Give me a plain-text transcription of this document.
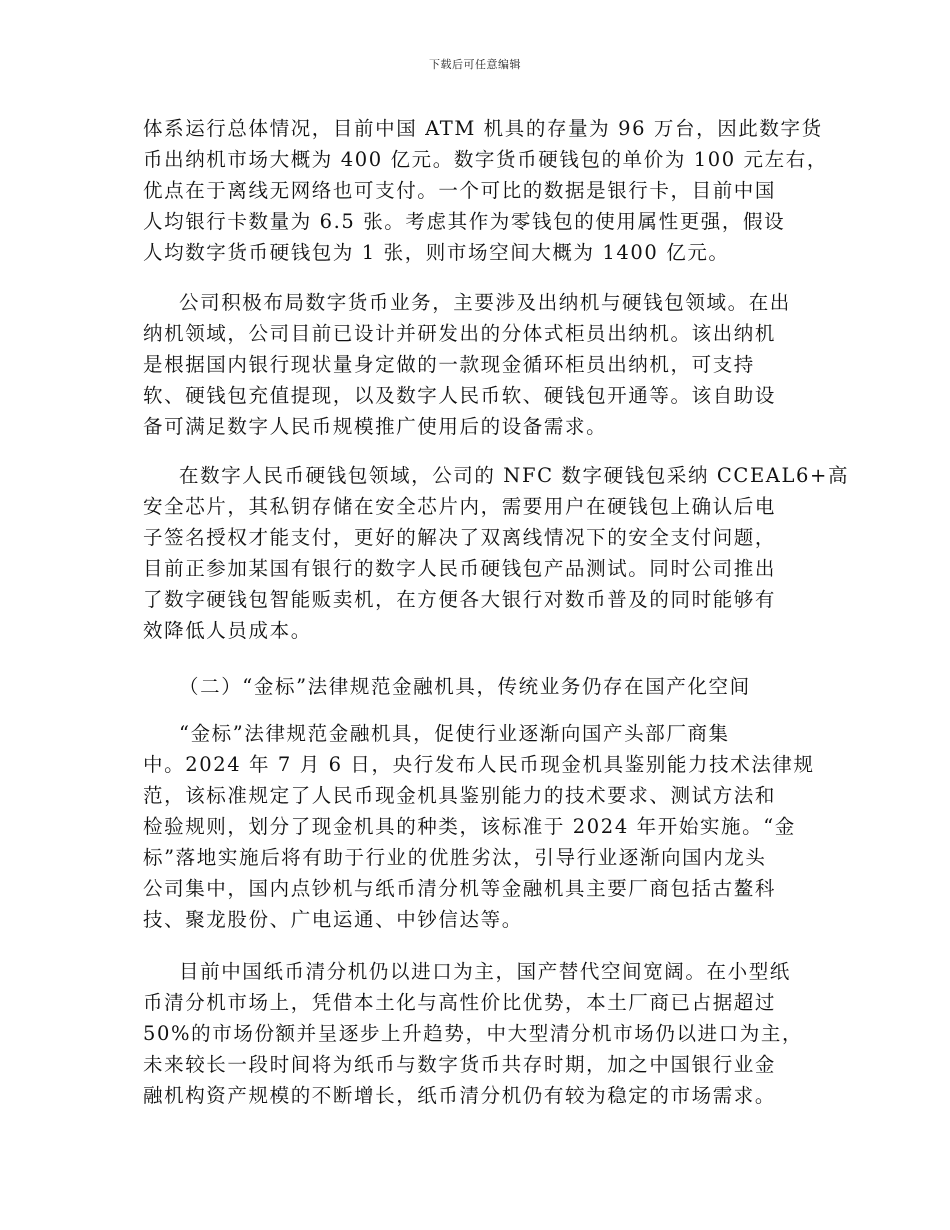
下载后可任意编辑
体系运行总体情况，目前中国 ATM 机具的存量为 96 万台，因此数字货
币出纳机市场大概为 400 亿元。数字货币硬钱包的单价为 100 元左右，
优点在于离线无网络也可支付。一个可比的数据是银行卡，目前中国
人均银行卡数量为 6.5 张。考虑其作为零钱包的使用属性更强，假设
人均数字货币硬钱包为 1 张，则市场空间大概为 1400 亿元。
公司积极布局数字货币业务，主要涉及出纳机与硬钱包领域。在出
纳机领域，公司目前已设计并研发出的分体式柜员出纳机。该出纳机
是根据国内银行现状量身定做的一款现金循环柜员出纳机，可支持
软、硬钱包充值提现，以及数字人民币软、硬钱包开通等。该自助设
备可满足数字人民币规模推广使用后的设备需求。
在数字人民币硬钱包领域，公司的 NFC 数字硬钱包采纳 CCEAL6+高
安全芯片，其私钥存储在安全芯片内，需要用户在硬钱包上确认后电
子签名授权才能支付，更好的解决了双离线情况下的安全支付问题，
目前正参加某国有银行的数字人民币硬钱包产品测试。同时公司推出
了数字硬钱包智能贩卖机，在方便各大银行对数币普及的同时能够有
效降低人员成本。
（二）“金标”法律规范金融机具，传统业务仍存在国产化空间
“金标”法律规范金融机具，促使行业逐渐向国产头部厂商集
中。2024 年 7 月 6 日，央行发布人民币现金机具鉴别能力技术法律规
范，该标准规定了人民币现金机具鉴别能力的技术要求、测试方法和
检验规则，划分了现金机具的种类，该标准于 2024 年开始实施。“金
标”落地实施后将有助于行业的优胜劣汰，引导行业逐渐向国内龙头
公司集中，国内点钞机与纸币清分机等金融机具主要厂商包括古鳌科
技、聚龙股份、广电运通、中钞信达等。
目前中国纸币清分机仍以进口为主，国产替代空间宽阔。在小型纸
币清分机市场上，凭借本土化与高性价比优势，本土厂商已占据超过
50%的市场份额并呈逐步上升趋势，中大型清分机市场仍以进口为主，
未来较长一段时间将为纸币与数字货币共存时期，加之中国银行业金
融机构资产规模的不断增长，纸币清分机仍有较为稳定的市场需求。
